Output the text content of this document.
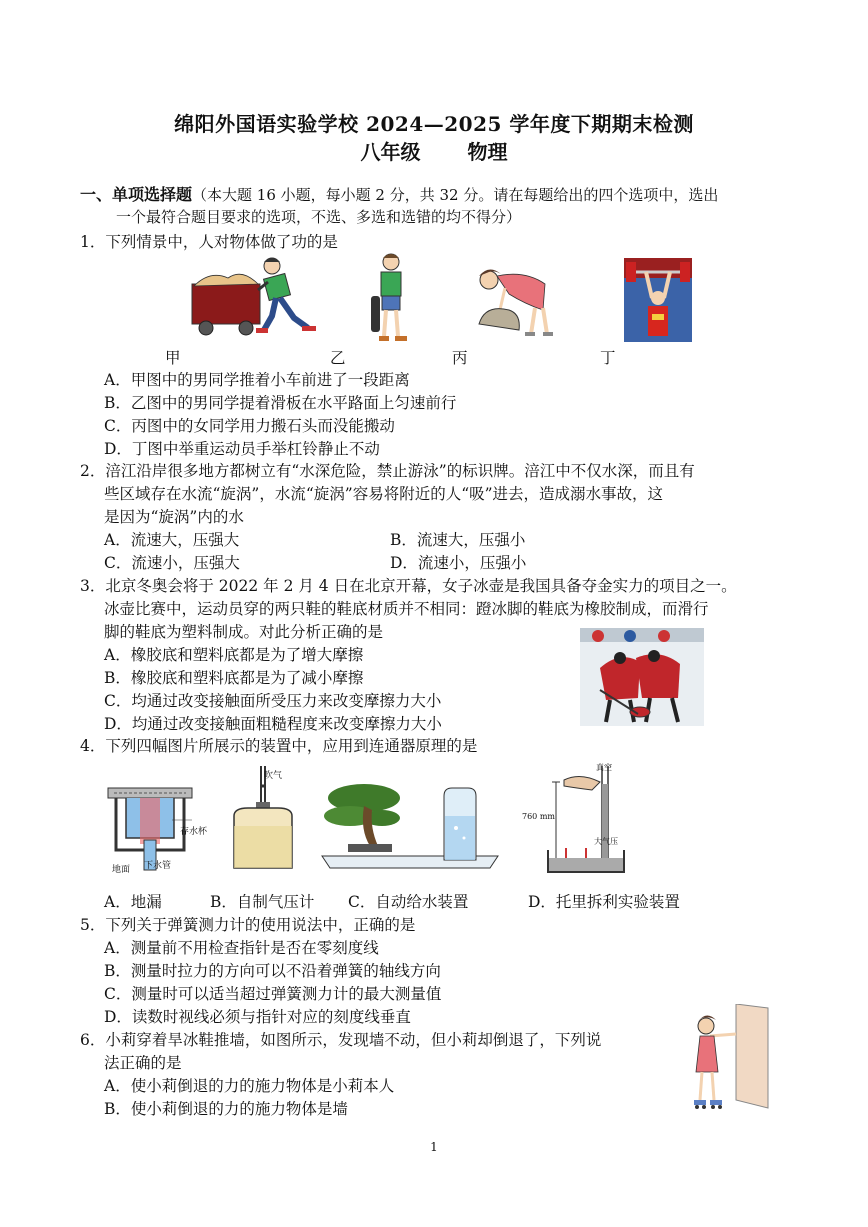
绵阳外国语实验学校 2024—2025 学年度下期期末检测
八年级 物理
一、单项选择题（本大题 16 小题，每小题 2 分，共 32 分。请在每题给出的四个选项中，选出
一个最符合题目要求的选项，不选、多选和选错的均不得分）
1．下列情景中，人对物体做了功的是
甲	乙	丙	丁
A．甲图中的男同学推着小车前进了一段距离
B．乙图中的男同学提着滑板在水平路面上匀速前行
C．丙图中的女同学用力搬石头而没能搬动
D．丁图中举重运动员手举杠铃静止不动
2．涪江沿岸很多地方都树立有“水深危险，禁止游泳”的标识牌。涪江中不仅水深，而且有
些区域存在水流“旋涡”，水流“旋涡”容易将附近的人“吸”进去，造成溺水事故，这
是因为“旋涡”内的水
A．流速大，压强大	B．流速大，压强小
C．流速小，压强大	D．流速小，压强小
3．北京冬奥会将于 2022 年 2 月 4 日在北京开幕，女子冰壶是我国具备夺金实力的项目之一。
冰壶比赛中，运动员穿的两只鞋的鞋底材质并不相同：蹬冰脚的鞋底为橡胶制成，而滑行
脚的鞋底为塑料制成。对此分析正确的是
A．橡胶底和塑料底都是为了增大摩擦
B．橡胶底和塑料底都是为了减小摩擦
C．均通过改变接触面所受压力来改变摩擦力大小
D．均通过改变接触面粗糙程度来改变摩擦力大小
4．下列四幅图片所展示的装置中，应用到连通器原理的是
存水杯
地面 下水管
吹气
真空
760 mm
大气压
A．地漏	B．自制气压计 C．自动给水装置	D．托里拆利实验装置
5．下列关于弹簧测力计的使用说法中，正确的是
A．测量前不用检查指针是否在零刻度线
B．测量时拉力的方向可以不沿着弹簧的轴线方向
C．测量时可以适当超过弹簧测力计的最大测量值
D．读数时视线必须与指针对应的刻度线垂直
6．小莉穿着旱冰鞋推墙，如图所示，发现墙不动，但小莉却倒退了，下列说
法正确的是
A．使小莉倒退的力的施力物体是小莉本人
B．使小莉倒退的力的施力物体是墙
1
